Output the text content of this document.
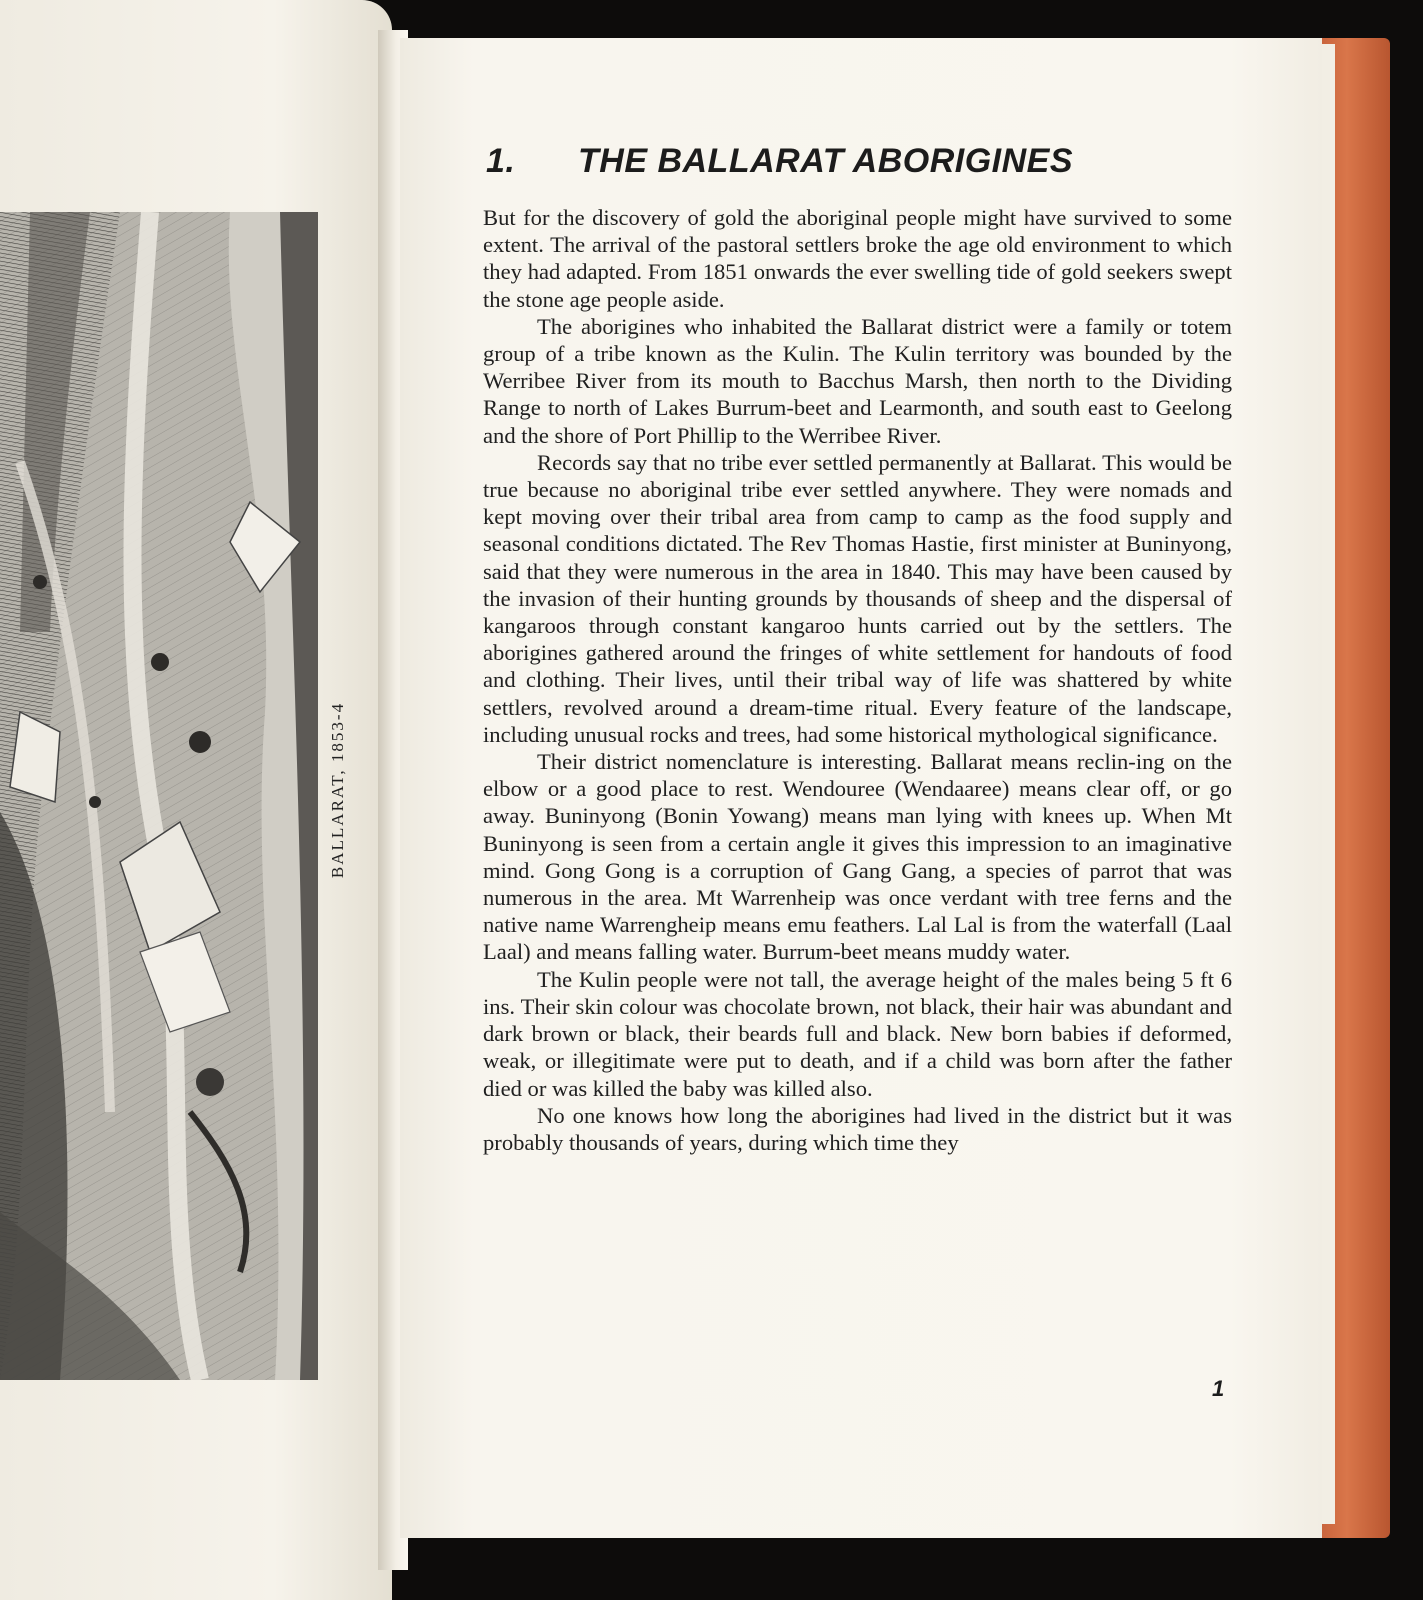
BALLARAT, 1853-4
1. THE BALLARAT ABORIGINES

But for the discovery of gold the aboriginal people might have survived to some extent. The arrival of the pastoral settlers broke the age old environment to which they had adapted. From 1851 onwards the ever swelling tide of gold seekers swept the stone age people aside.

The aborigines who inhabited the Ballarat district were a family or totem group of a tribe known as the Kulin. The Kulin territory was bounded by the Werribee River from its mouth to Bacchus Marsh, then north to the Dividing Range to north of Lakes Burrum-beet and Learmonth, and south east to Geelong and the shore of Port Phillip to the Werribee River.

Records say that no tribe ever settled permanently at Ballarat. This would be true because no aboriginal tribe ever settled anywhere. They were nomads and kept moving over their tribal area from camp to camp as the food supply and seasonal conditions dictated. The Rev Thomas Hastie, first minister at Buninyong, said that they were numerous in the area in 1840. This may have been caused by the invasion of their hunting grounds by thousands of sheep and the dispersal of kangaroos through constant kangaroo hunts carried out by the settlers. The aborigines gathered around the fringes of white settlement for handouts of food and clothing. Their lives, until their tribal way of life was shattered by white settlers, revolved around a dream-time ritual. Every feature of the landscape, including unusual rocks and trees, had some historical mythological significance.

Their district nomenclature is interesting. Ballarat means reclin-ing on the elbow or a good place to rest. Wendouree (Wendaaree) means clear off, or go away. Buninyong (Bonin Yowang) means man lying with knees up. When Mt Buninyong is seen from a certain angle it gives this impression to an imaginative mind. Gong Gong is a corruption of Gang Gang, a species of parrot that was numerous in the area. Mt Warrenheip was once verdant with tree ferns and the native name Warrengheip means emu feathers. Lal Lal is from the waterfall (Laal Laal) and means falling water. Burrum-beet means muddy water.

The Kulin people were not tall, the average height of the males being 5 ft 6 ins. Their skin colour was chocolate brown, not black, their hair was abundant and dark brown or black, their beards full and black. New born babies if deformed, weak, or illegitimate were put to death, and if a child was born after the father died or was killed the baby was killed also.

No one knows how long the aborigines had lived in the district but it was probably thousands of years, during which time they

1
